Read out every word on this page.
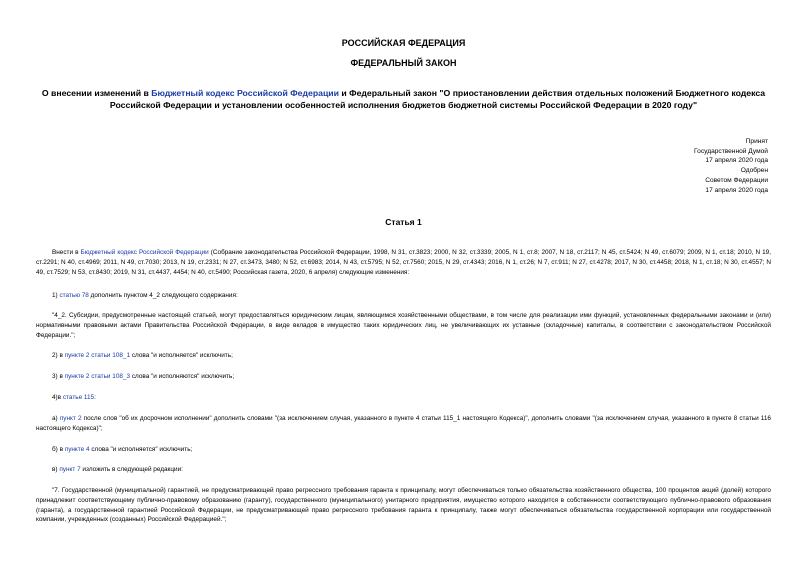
РОССИЙСКАЯ ФЕДЕРАЦИЯ
ФЕДЕРАЛЬНЫЙ ЗАКОН
О внесении изменений в Бюджетный кодекс Российской Федерации и Федеральный закон "О приостановлении действия отдельных положений Бюджетного кодекса Российской Федерации и установлении особенностей исполнения бюджетов бюджетной системы Российской Федерации в 2020 году"
Принят
Государственной Думой
17 апреля 2020 года
Одобрен
Советом Федерации
17 апреля 2020 года
Статья 1
Внести в Бюджетный кодекс Российской Федерации (Собрание законодательства Российской Федерации, 1998, N 31, ст.3823; 2000, N 32, ст.3339; 2005, N 1, ст.8; 2007, N 18, ст.2117; N 45, ст.5424; N 49, ст.6079; 2009, N 1, ст.18; 2010, N 19, ст.2291; N 40, ст.4969; 2011, N 49, ст.7030; 2013, N 19, ст.2331; N 27, ст.3473, 3480; N 52, ст.6983; 2014, N 43, ст.5795; N 52, ст.7560; 2015, N 29, ст.4343; 2016, N 1, ст.26; N 7, ст.911; N 27, ст.4278; 2017, N 30, ст.4458; 2018, N 1, ст.18; N 30, ст.4557; N 49, ст.7529; N 53, ст.8430; 2019, N 31, ст.4437, 4454; N 40, ст.5490; Российская газета, 2020, 6 апреля) следующие изменения:
1) статью 78 дополнить пунктом 4_2 следующего содержания:
"4_2. Субсидии, предусмотренные настоящей статьей, могут предоставляться юридическим лицам, являющимся хозяйственными обществами, в том числе для реализации ими функций, установленных федеральными законами и (или) нормативными правовыми актами Правительства Российской Федерации, в виде вкладов в имущество таких юридических лиц, не увеличивающих их уставные (складочные) капиталы, в соответствии с законодательством Российской Федерации.";
2) в пункте 2 статьи 108_1 слова "и исполняется" исключить;
3) в пункте 2 статьи 108_3 слова "и исполняются" исключить;
4)в статье 115:
а) пункт 2 после слов "об их досрочном исполнении" дополнить словами "(за исключением случая, указанного в пункте 4 статьи 115_1 настоящего Кодекса)", дополнить словами "(за исключением случая, указанного в пункте 8 статьи 116 настоящего Кодекса)";
б) в пункте 4 слова "и исполняется" исключить;
в) пункт 7 изложить в следующей редакции:
"7. Государственной (муниципальной) гарантией, не предусматривающей право регрессного требования гаранта к принципалу, могут обеспечиваться только обязательства хозяйственного общества, 100 процентов акций (долей) которого принадлежит соответствующему публично-правовому образованию (гаранту), государственного (муниципального) унитарного предприятия, имущество которого находится в собственности соответствующего публично-правового образования (гаранта), а государственной гарантией Российской Федерации, не предусматривающей право регрессного требования гаранта к принципалу, также могут обеспечиваться обязательства государственной корпорации или государственной компании, учрежденных (созданных) Российской Федерацией.";
